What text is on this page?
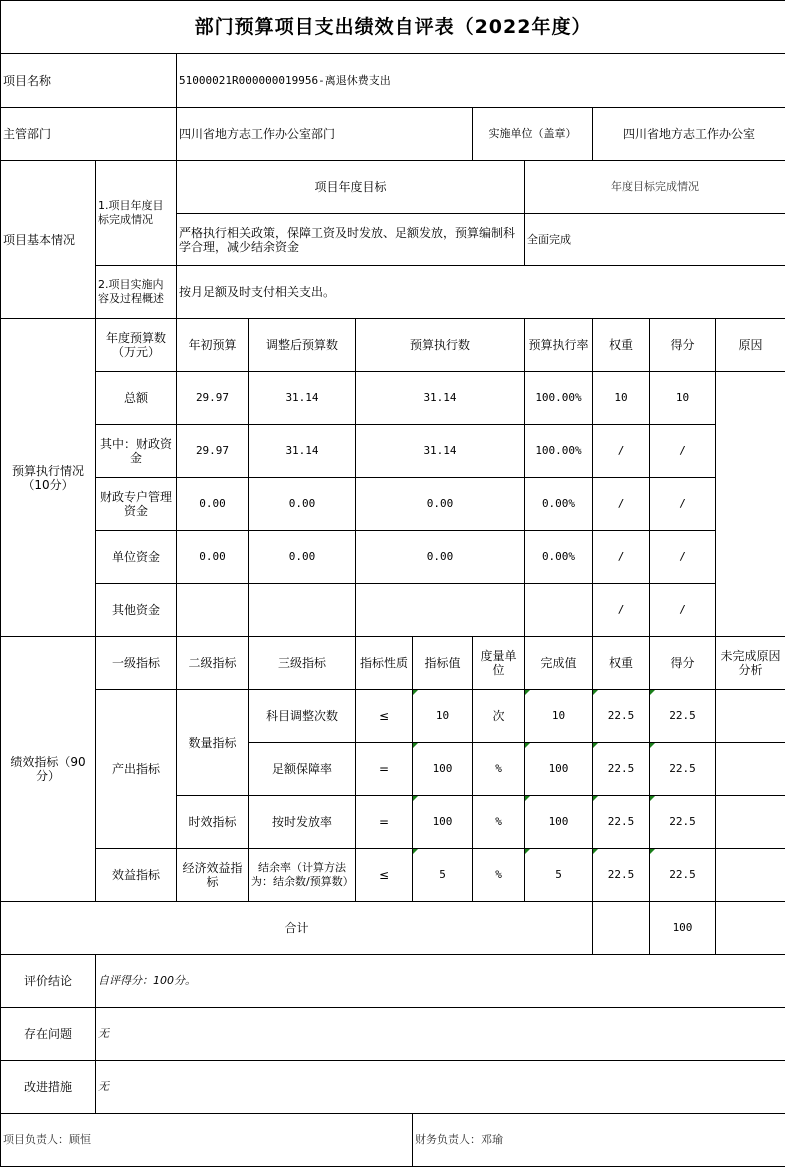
部门预算项目支出绩效自评表（2022年度）										
项目名称		51000021R000000019956-离退休费支出								
主管部门		四川省地方志工作办公室部门				实施单位（盖章）		四川省地方志工作办公室		
项目基本情况	1.项目年度目标完成情况	项目年度目标					年度目标完成情况			
		严格执行相关政策，保障工资及时发放、足额发放，预算编制科学合理，减少结余资金					全面完成			
	2.项目实施内容及过程概述	按月足额及时支付相关支出。								
预算执行情况（10分）	年度预算数（万元）	年初预算	调整后预算数	预算执行数			预算执行率	权重	得分	原因
	总额	29.97	31.14	31.14			100.00%	10	10	
	其中：财政资金	29.97	31.14	31.14			100.00%	/	/	
	财政专户管理资金	0.00	0.00	0.00			0.00%	/	/	
	单位资金	0.00	0.00	0.00			0.00%	/	/	
	其他资金							/	/	
绩效指标（90分）	一级指标	二级指标	三级指标	指标性质	指标值	度量单位	完成值	权重	得分	未完成原因分析
	产出指标	数量指标	科目调整次数	≤	10	次	10	22.5	22.5	
			足额保障率	=	100	%	100	22.5	22.5	
		时效指标	按时发放率	=	100	%	100	22.5	22.5	
	效益指标	经济效益指标	结余率（计算方法为：结余数/预算数）	≤	5	%	5	22.5	22.5	
合计									100	
评价结论	自评得分：100分。									
存在问题	无									
改进措施	无									
项目负责人：顾恒					财务负责人：邓瑜					
